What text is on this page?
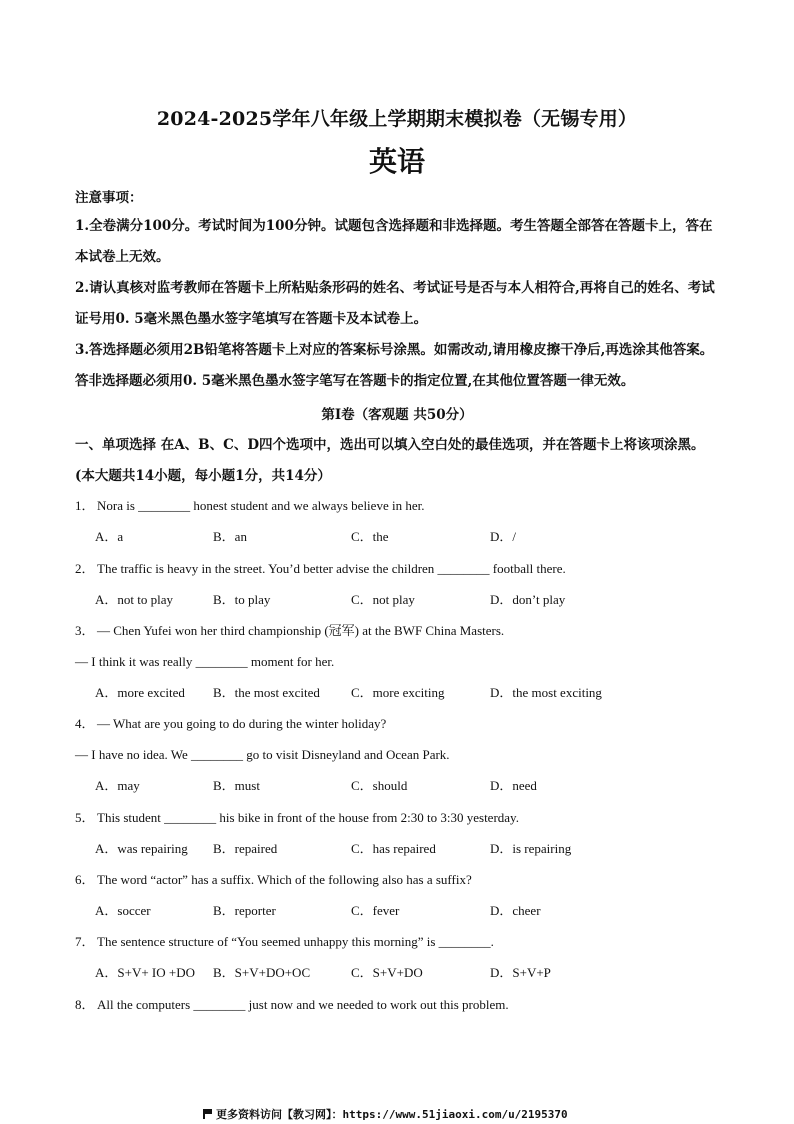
2024-2025学年八年级上学期期末模拟卷（无锡专用）
英语
注意事项：
1.全卷满分100分。考试时间为100分钟。试题包含选择题和非选择题。考生答题全部答在答题卡上，答在本试卷上无效。
2.请认真核对监考教师在答题卡上所粘贴条形码的姓名、考试证号是否与本人相符合,再将自己的姓名、考试证号用0. 5毫米黑色墨水签字笔填写在答题卡及本试卷上。
3.答选择题必须用2B铅笔将答题卡上对应的答案标号涂黑。如需改动,请用橡皮擦干净后,再选涂其他答案。答非选择题必须用0. 5毫米黑色墨水签字笔写在答题卡的指定位置,在其他位置答题一律无效。
第I卷（客观题 共50分）
一、单项选择 在A、B、C、D四个选项中，选出可以填入空白处的最佳选项，并在答题卡上将该项涂黑。(本大题共14小题，每小题1分，共14分）
1． Nora is ________ honest student and we always believe in her.
A．a	B．an	C．the	D．/
2． The traffic is heavy in the street. You’d better advise the children ________ football there.
A．not to play	B．to play	C．not play	D．don’t play
3． — Chen Yufei won her third championship (冠军) at the BWF China Masters.
— I think it was really ________ moment for her.
A．more excited B．the most excited C．more exciting	D．the most exciting
4． — What are you going to do during the winter holiday?
— I have no idea. We ________ go to visit Disneyland and Ocean Park.
A．may	B．must	C．should	D．need
5． This student ________ his bike in front of the house from 2:30 to 3:30 yesterday.
A．was repairing B．repaired	C．has repaired	D．is repairing
6． The word “actor” has a suffix. Which of the following also has a suffix?
A．soccer	B．reporter	C．fever	D．cheer
7． The sentence structure of “You seemed unhappy this morning” is ________.
A．S+V+ IO +DO B．S+V+DO+OC	C．S+V+DO	D．S+V+P
8． All the computers ________ just now and we needed to work out this problem.
更多资料访问【教习网】：https://www.51jiaoxi.com/u/2195370
